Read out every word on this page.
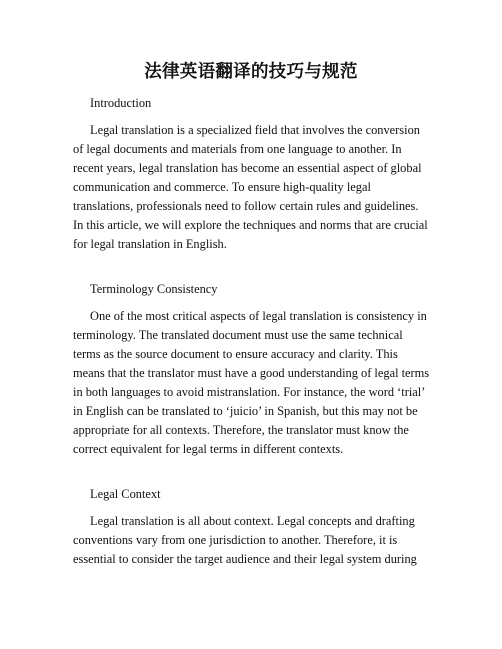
法律英语翻译的技巧与规范
Introduction
Legal translation is a specialized field that involves the conversion
of legal documents and materials from one language to another. In
recent years, legal translation has become an essential aspect of global
communication and commerce. To ensure high-quality legal
translations, professionals need to follow certain rules and guidelines.
In this article, we will explore the techniques and norms that are crucial
for legal translation in English.
Terminology Consistency
One of the most critical aspects of legal translation is consistency in
terminology. The translated document must use the same technical
terms as the source document to ensure accuracy and clarity. This
means that the translator must have a good understanding of legal terms
in both languages to avoid mistranslation. For instance, the word ‘trial’
in English can be translated to ‘juicio’ in Spanish, but this may not be
appropriate for all contexts. Therefore, the translator must know the
correct equivalent for legal terms in different contexts.
Legal Context
Legal translation is all about context. Legal concepts and drafting
conventions vary from one jurisdiction to another. Therefore, it is
essential to consider the target audience and their legal system during
